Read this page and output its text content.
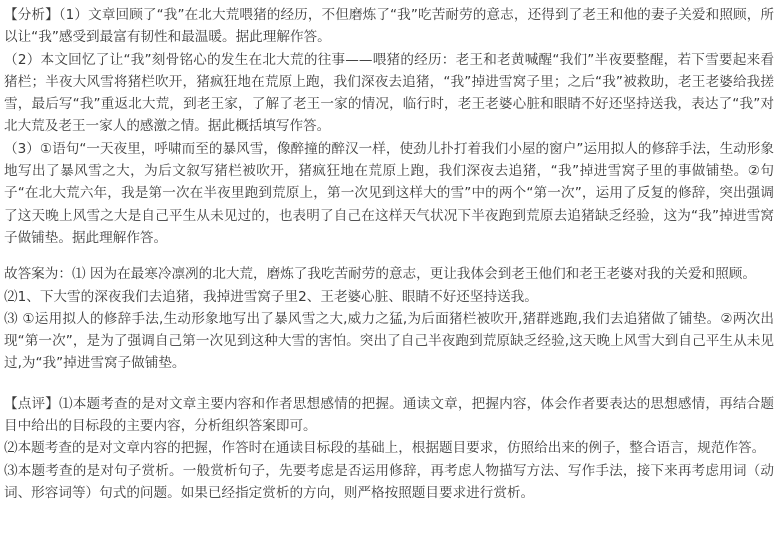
【分析】（1）文章回顾了“我”在北大荒喂猪的经历，不但磨炼了“我”吃苦耐劳的意志，还得到了老王和他的妻子关爱和照顾，所以让“我”感受到最富有韧性和最温暖。据此理解作答。

（2）本文回忆了让“我”刻骨铭心的发生在北大荒的往事——喂猪的经历：老王和老黄喊醒“我们”半夜要整醒，若下雪要起来看猪栏；半夜大风雪将猪栏吹开，猪疯狂地在荒原上跑，我们深夜去追猪，“我”掉进雪窝子里；之后“我”被救助，老王老婆给我搓雪，最后写“我”重返北大荒，到老王家，了解了老王一家的情况，临行时，老王老婆心脏和眼睛不好还坚持送我，表达了“我”对北大荒及老王一家人的感激之情。据此概括填写作答。

（3）①语句“一天夜里，呼啸而至的暴风雪，像醉撞的醉汉一样，使劲儿扑打着我们小屋的窗户”运用拟人的修辞手法，生动形象地写出了暴风雪之大，为后文叙写猪栏被吹开，猪疯狂地在荒原上跑，我们深夜去追猪，“我”掉进雪窝子里的事做铺垫。②句子“在北大荒六年，我是第一次在半夜里跑到荒原上，第一次见到这样大的雪”中的两个“第一次”，运用了反复的修辞，突出强调了这天晚上风雪之大是自己平生从未见过的，也表明了自己在这样天气状况下半夜跑到荒原去追猪缺乏经验，这为“我”掉进雪窝子做铺垫。据此理解作答。

故答案为：⑴ 因为在最寒冷凛冽的北大荒，磨炼了我吃苦耐劳的意志，更让我体会到老王他们和老王老婆对我的关爱和照顾。

⑵1、下大雪的深夜我们去追猪，我掉进雪窝子里2、王老婆心脏、眼睛不好还坚持送我。

⑶ ①运用拟人的修辞手法,生动形象地写出了暴风雪之大,威力之猛,为后面猪栏被吹开,猪群逃跑,我们去追猪做了铺垫。②两次出现“第一次”，是为了强调自己第一次见到这种大雪的害怕。突出了自己半夜跑到荒原缺乏经验,这天晚上风雪大到自己平生从未见过,为“我”掉进雪窝子做铺垫。

【点评】⑴本题考查的是对文章主要内容和作者思想感情的把握。通读文章，把握内容，体会作者要表达的思想感情，再结合题目中给出的目标段的主要内容，分析组织答案即可。

⑵本题考查的是对文章内容的把握，作答时在通读目标段的基础上，根据题目要求，仿照给出来的例子，整合语言，规范作答。

⑶本题考查的是对句子赏析。一般赏析句子，先要考虑是否运用修辞，再考虑人物描写方法、写作手法，接下来再考虑用词（动词、形容词等）句式的问题。如果已经指定赏析的方向，则严格按照题目要求进行赏析。
